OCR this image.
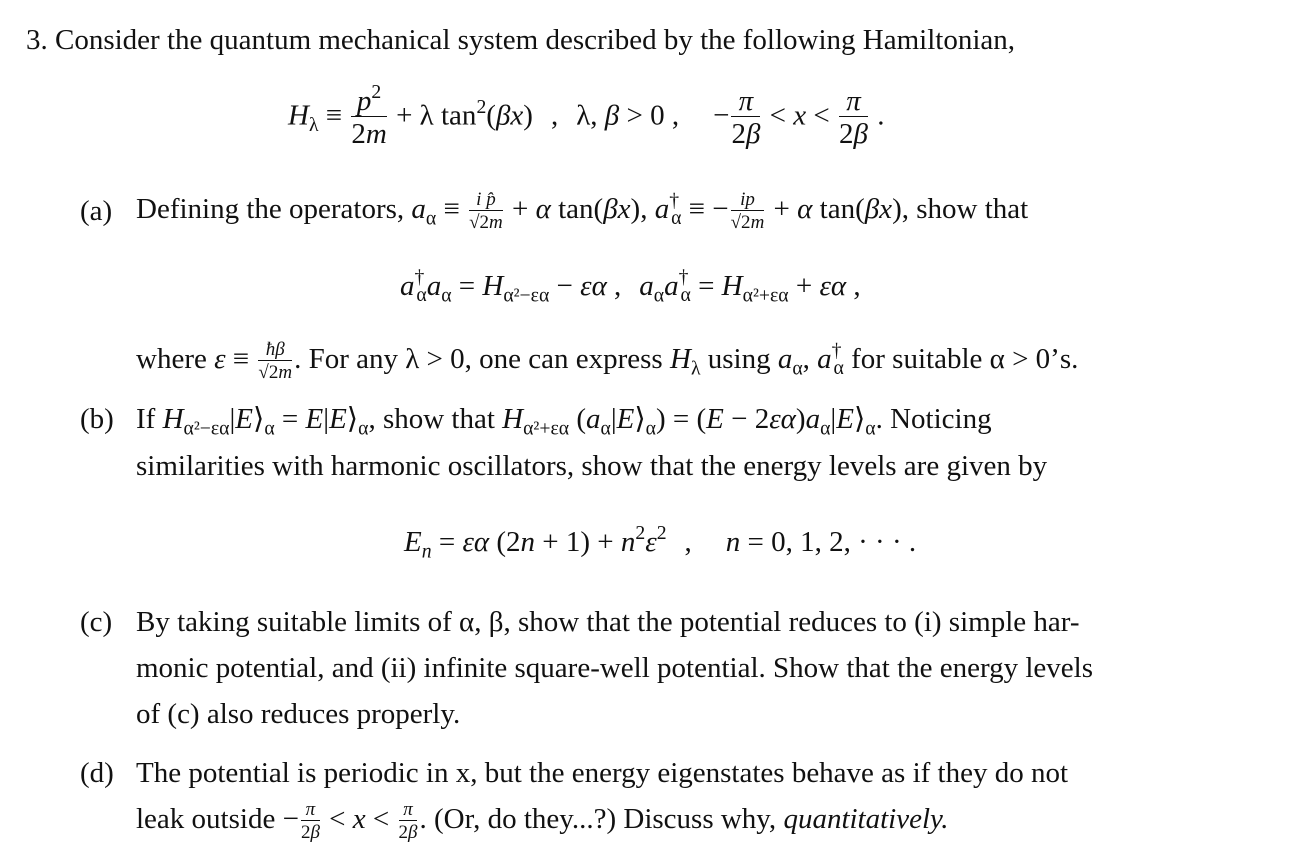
3. Consider the quantum mechanical system described by the following Hamiltonian,
$H_\lambda \equiv \frac{p^2}{2m} + \lambda$ $\tan^2(\beta x)$ , λ, β > 0 , − $\frac{\pi}{2\beta} < x < \frac{\pi}{2\beta}$ .
(a) Defining the operators, $a_\alpha \equiv \frac{\text{i p̂}}{√2m} + \alpha$ tan(βx), $a^\dagger_\alpha$ ≡ − $\frac{ip}{√2m} + \alpha$ tan(βx), show that
$a^\dagger_\alpha a_\alpha = H_{\alpha^2-\varepsilon\alpha} - \varepsilon\alpha$ , $a_\alpha a^\dagger_\alpha = H_{\alpha^2+\varepsilon\alpha} + \varepsilon\alpha$ ,
where $\varepsilon \equiv \frac{ħ\beta}{√2m}$ . For any λ > 0, one can express $H_\lambda$ using $a_\alpha$, $a^\dagger_\alpha$ for suitable α > 0’s.
(b) If $H_{\alpha^2-\varepsilon\alpha}|E⟩_\alpha$ = $E|E⟩_\alpha$, show that $H_{\alpha^2+\varepsilon\alpha}$ $(a_\alpha|E⟩_\alpha) = (E$ − $2\varepsilon\alpha)a_\alpha|E⟩_\alpha$. Noticing
similarities with harmonic oscillators, show that the energy levels are given by
$E_n = \varepsilon\alpha$ $(2n + 1) + n^2\varepsilon^2$ , n = 0, 1, 2, · · · .
(c) By taking suitable limits of α, β, show that the potential reduces to (i) simple har-
monic potential, and (ii) infinite square-well potential. Show that the energy levels
of (c) also reduces properly.
(d) The potential is periodic in x, but the energy eigenstates behave as if they do not
leak outside − $\frac{\pi}{2\beta} < x < \frac{\pi}{2\beta}$ . (Or, do they...?) Discuss why, quantitatively.
